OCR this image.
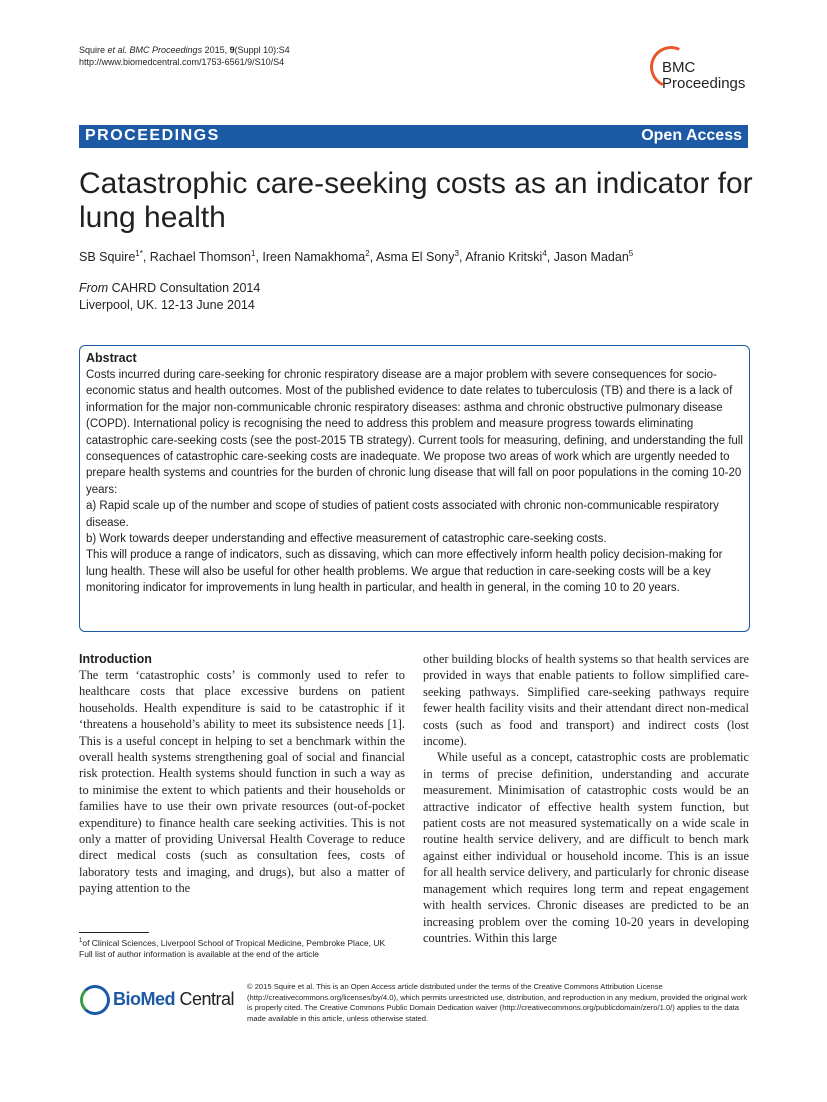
Squire et al. BMC Proceedings 2015, 9(Suppl 10):S4
http://www.biomedcentral.com/1753-6561/9/S10/S4	BMC
Proceedings
PROCEEDINGS	Open Access
Catastrophic care-seeking costs as an indicator for lung health
SB Squire$^{1*}$, Rachael Thomson$^1$, Ireen Namakhoma$^2$, Asma El Sony$^3$, Afranio Kritski$^4$, Jason Madan$^5$
From CAHRD Consultation 2014
Liverpool, UK. 12-13 June 2014
Abstract

Costs incurred during care-seeking for chronic respiratory disease are a major problem with severe consequences for socio-economic status and health outcomes. Most of the published evidence to date relates to tuberculosis (TB) and there is a lack of information for the major non-communicable chronic respiratory diseases: asthma and chronic obstructive pulmonary disease (COPD). International policy is recognising the need to address this problem and measure progress towards eliminating catastrophic care-seeking costs (see the post-2015 TB strategy). Current tools for measuring, defining, and understanding the full consequences of catastrophic care-seeking costs are inadequate. We propose two areas of work which are urgently needed to prepare health systems and countries for the burden of chronic lung disease that will fall on poor populations in the coming 10-20 years:

a) Rapid scale up of the number and scope of studies of patient costs associated with chronic non-communicable respiratory disease.

b) Work towards deeper understanding and effective measurement of catastrophic care-seeking costs.

This will produce a range of indicators, such as dissaving, which can more effectively inform health policy decision-making for lung health. These will also be useful for other health problems. We argue that reduction in care-seeking costs will be a key monitoring indicator for improvements in lung health in particular, and health in general, in the coming 10 to 20 years.

Introduction

The term ‘catastrophic costs’ is commonly used to refer to healthcare costs that place excessive burdens on patient households. Health expenditure is said to be catastrophic if it ‘threatens a household’s ability to meet its subsistence needs [1]. This is a useful concept in helping to set a benchmark within the overall health systems strengthening goal of social and financial risk protection. Health systems should function in such a way as to minimise the extent to which patients and their households or families have to use their own private resources (out-of-pocket expenditure) to finance health care seeking activities. This is not only a matter of providing Universal Health Coverage to reduce direct medical costs (such as consultation fees, costs of laboratory tests and imaging, and drugs), but also a matter of paying attention to the

other building blocks of health systems so that health services are provided in ways that enable patients to follow simplified care-seeking pathways. Simplified care-seeking pathways require fewer health facility visits and their attendant direct non-medical costs (such as food and transport) and indirect costs (lost income).

While useful as a concept, catastrophic costs are problematic in terms of precise definition, understanding and accurate measurement. Minimisation of catastrophic costs would be an attractive indicator of effective health system function, but patient costs are not measured systematically on a wide scale in routine health service delivery, and are difficult to bench mark against either individual or household income. This is an issue for all health service delivery, and particularly for chronic disease management which requires long term and repeat engagement with health services. Chronic diseases are predicted to be an increasing problem over the coming 10-20 years in developing countries. Within this large

$^1$of Clinical Sciences, Liverpool School of Tropical Medicine, Pembroke Place, UK
Full list of author information is available at the end of the article
BioMed Central
© 2015 Squire et al. This is an Open Access article distributed under the terms of the Creative Commons Attribution License (http://creativecommons.org/licenses/by/4.0), which permits unrestricted use, distribution, and reproduction in any medium, provided the original work is properly cited. The Creative Commons Public Domain Dedication waiver (http://creativecommons.org/publicdomain/zero/1.0/) applies to the data made available in this article, unless otherwise stated.
